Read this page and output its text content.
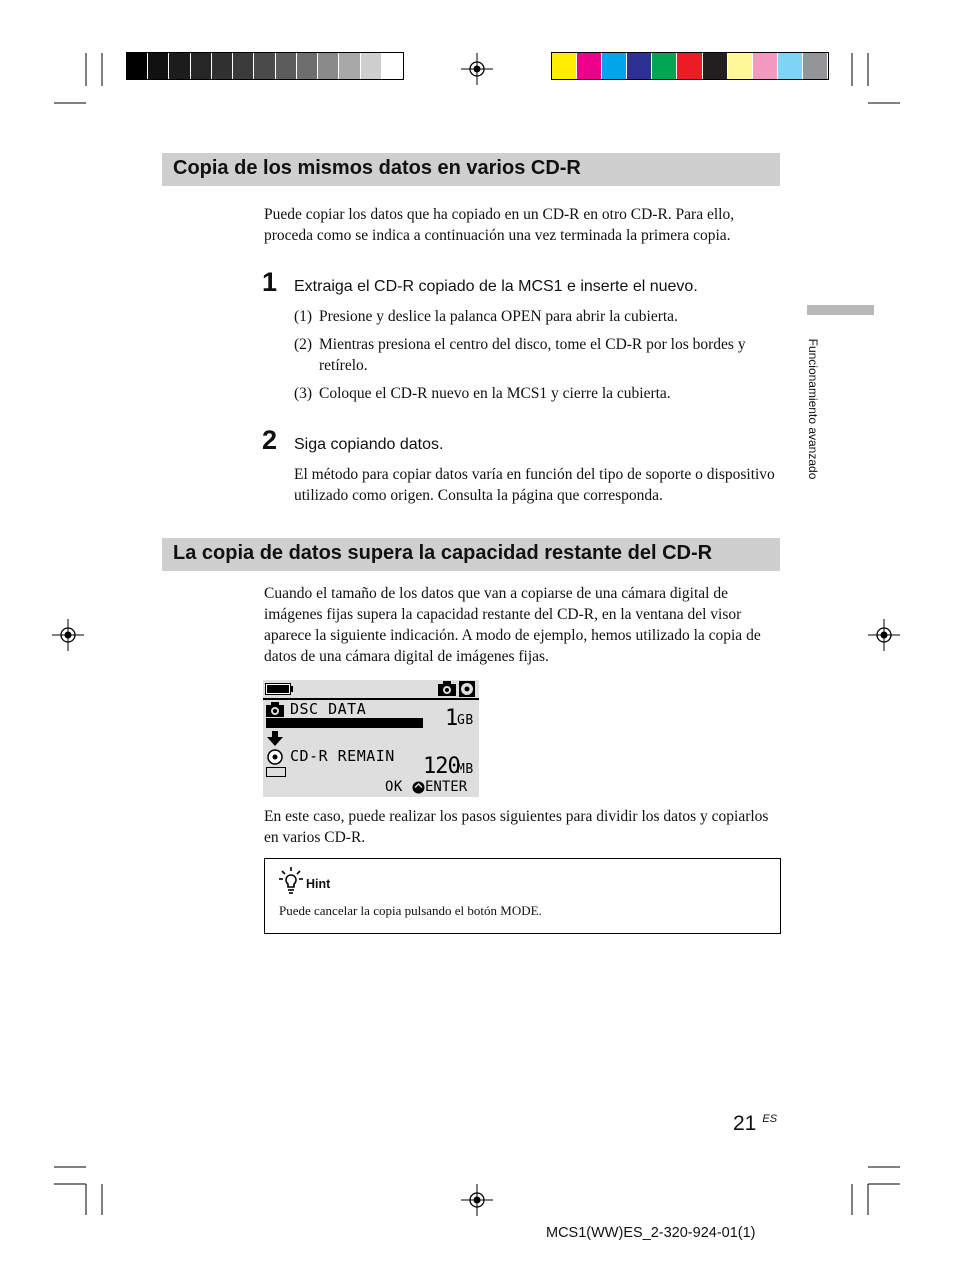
Copia de los mismos datos en varios CD-R
Puede copiar los datos que ha copiado en un CD-R en otro CD-R. Para ello, proceda como se indica a continuación una vez terminada la primera copia.
1 Extraiga el CD-R copiado de la MCS1 e inserte el nuevo.
(1) Presione y deslice la palanca OPEN para abrir la cubierta.
(2) Mientras presiona el centro del disco, tome el CD-R por los bordes y retírelo.
(3) Coloque el CD-R nuevo en la MCS1 y cierre la cubierta.
2 Siga copiando datos.
El método para copiar datos varía en función del tipo de soporte o dispositivo utilizado como origen. Consulta la página que corresponda.
Funcionamiento avanzado
La copia de datos supera la capacidad restante del CD-R
Cuando el tamaño de los datos que van a copiarse de una cámara digital de imágenes fijas supera la capacidad restante del CD-R, en la ventana del visor aparece la siguiente indicación. A modo de ejemplo, hemos utilizado la copia de datos de una cámara digital de imágenes fijas.
DSC DATA	1
GB
CD-R REMAIN 120
MB
OK ENTER
En este caso, puede realizar los pasos siguientes para dividir los datos y copiarlos en varios CD-R.
Hint
Puede cancelar la copia pulsando el botón MODE.
21 $^{ES}$
MCS1(WW)ES_2-320-924-01(1)
